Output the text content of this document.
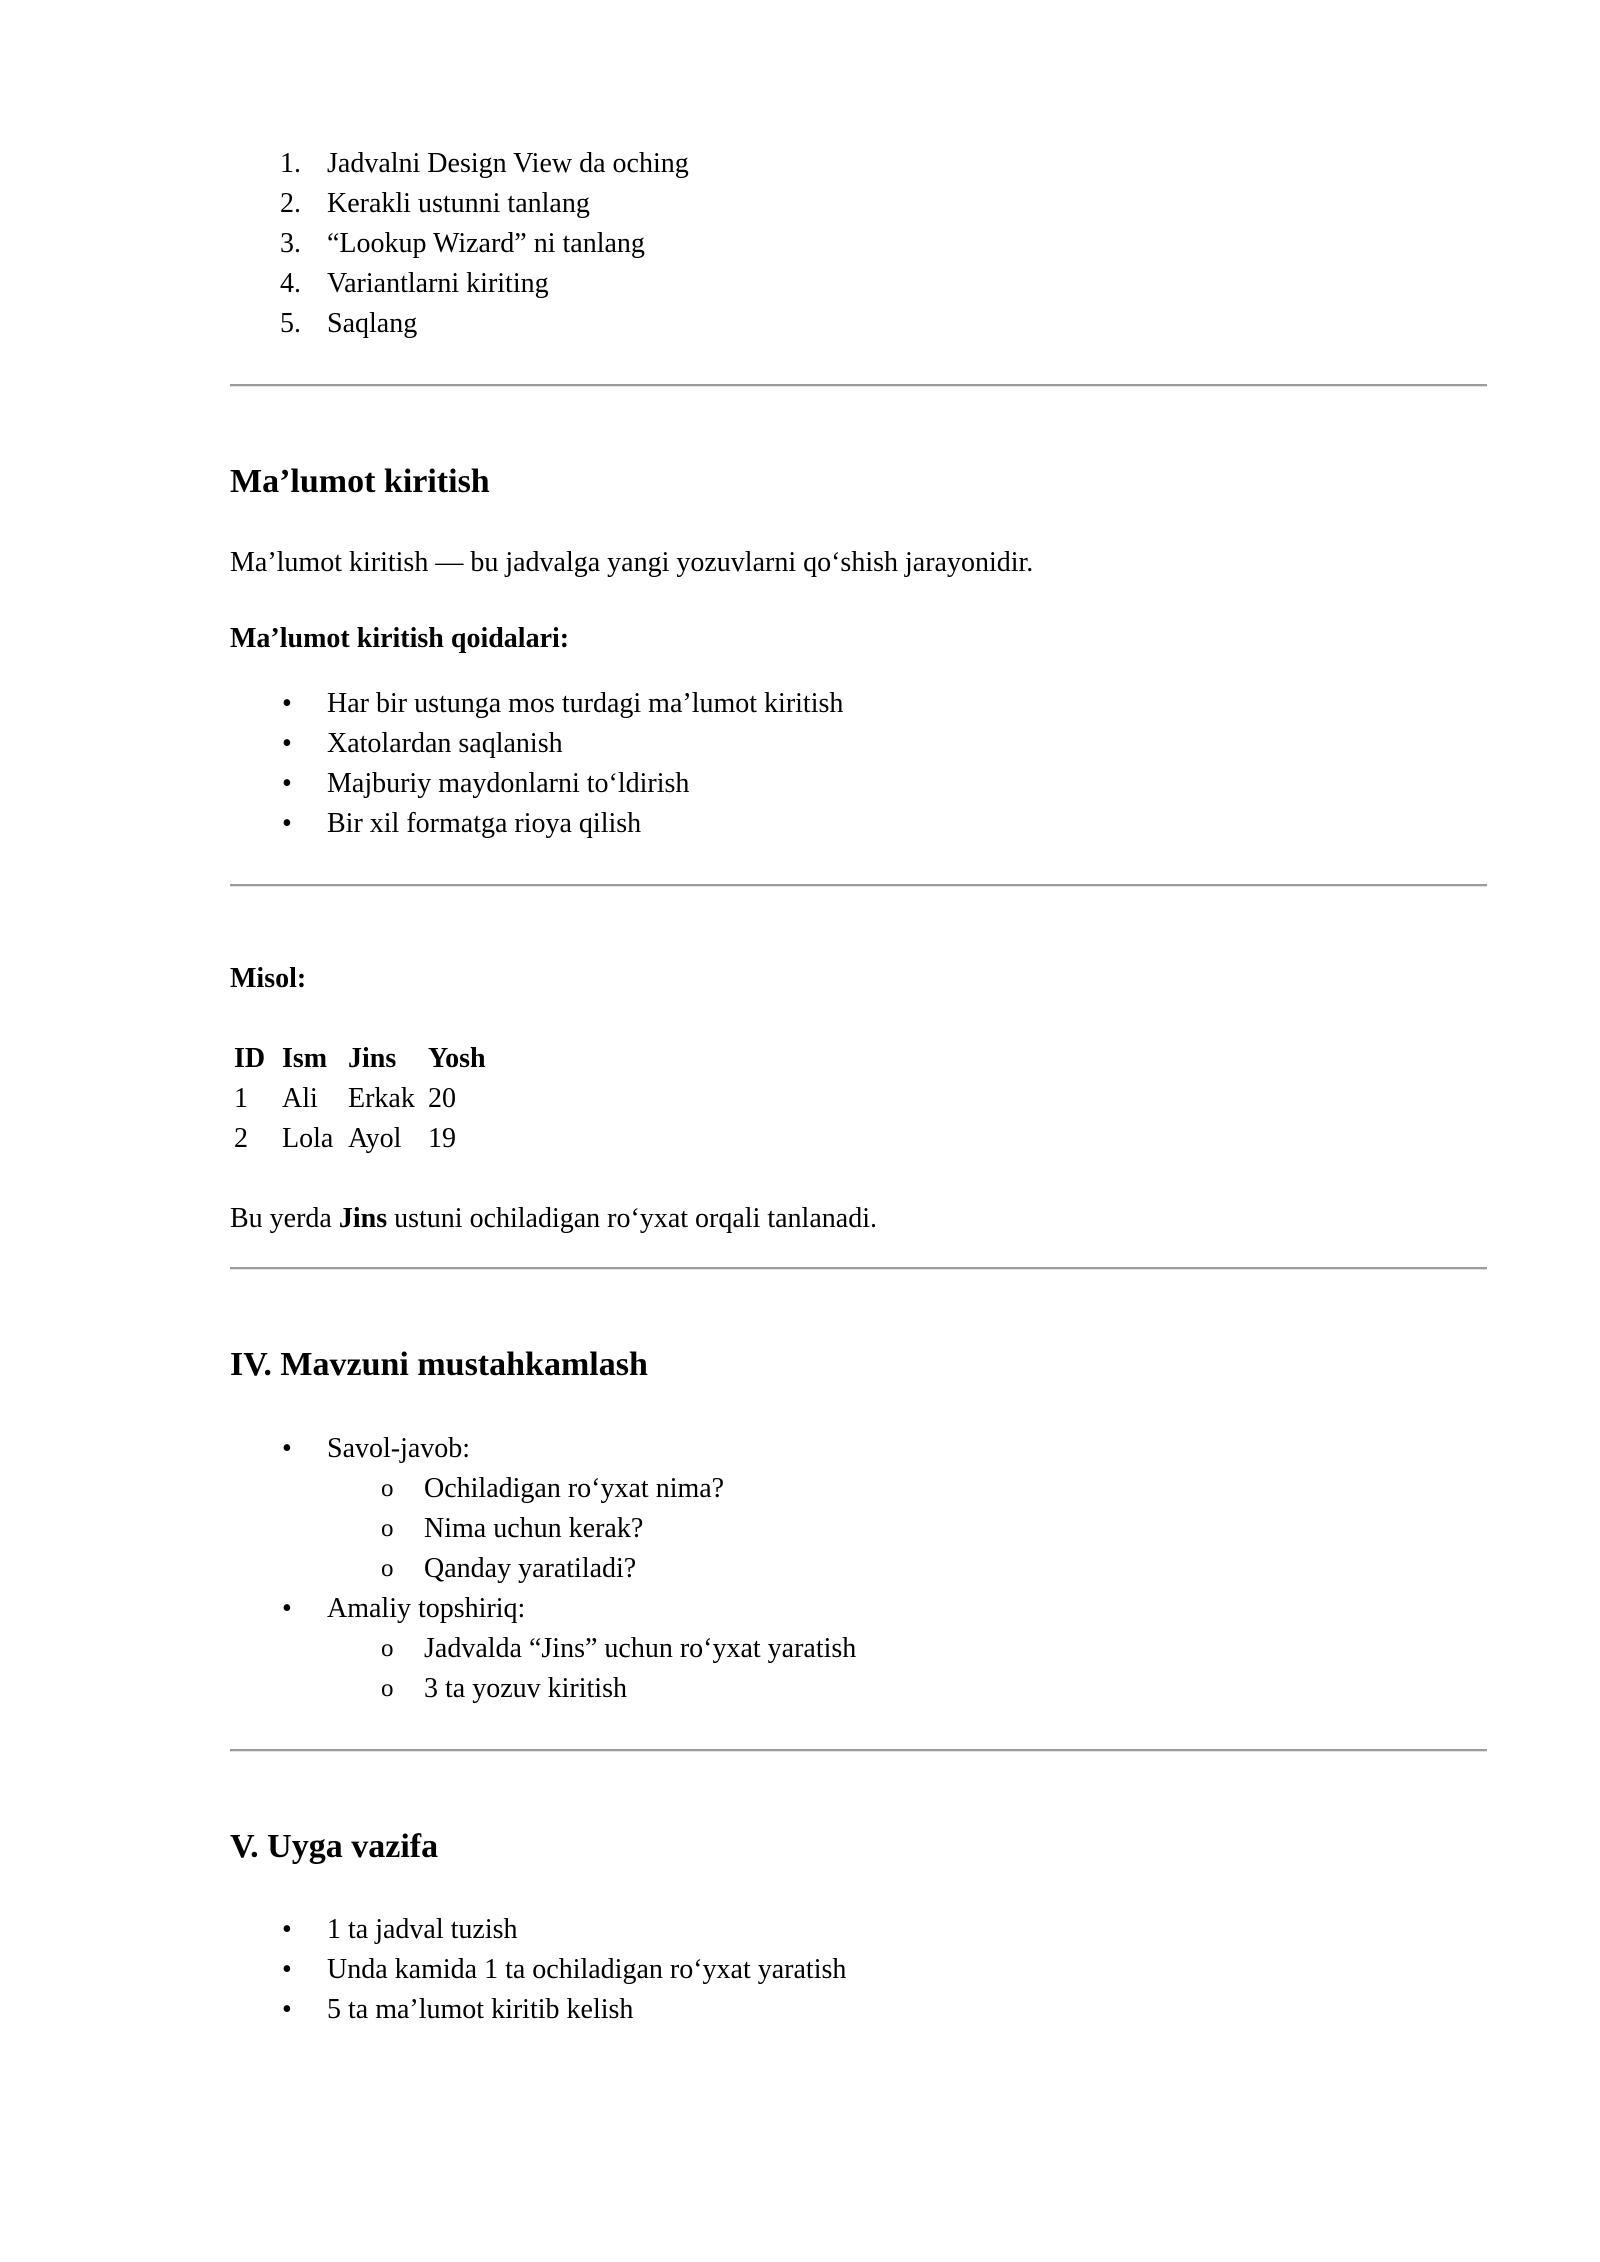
Jadvalni Design View da oching
Kerakli ustunni tanlang
“Lookup Wizard” ni tanlang
Variantlarni kiriting
Saqlang
Ma’lumot kiritish

Ma’lumot kiritish — bu jadvalga yangi yozuvlarni qo‘shish jarayonidir.

Ma’lumot kiritish qoidalari:

• Har bir ustunga mos turdagi ma’lumot kiritish
• Xatolardan saqlanish
• Majburiy maydonlarni to‘ldirish
• Bir xil formatga rioya qilish

Misol:

ID	Ism	Jins	Yosh
1	Ali	Erkak	20
2	Lola	Ayol	19

Bu yerda Jins ustuni ochiladigan ro‘yxat orqali tanlanadi.

IV. Mavzuni mustahkamlash
• Savol-javob:
o Ochiladigan ro‘yxat nima?
o Nima uchun kerak?
o Qanday yaratiladi?
• Amaliy topshiriq:
o Jadvalda “Jins” uchun ro‘yxat yaratish
o 3 ta yozuv kiritish
V. Uyga vazifa
• 1 ta jadval tuzish
• Unda kamida 1 ta ochiladigan ro‘yxat yaratish
• 5 ta ma’lumot kiritib kelish
